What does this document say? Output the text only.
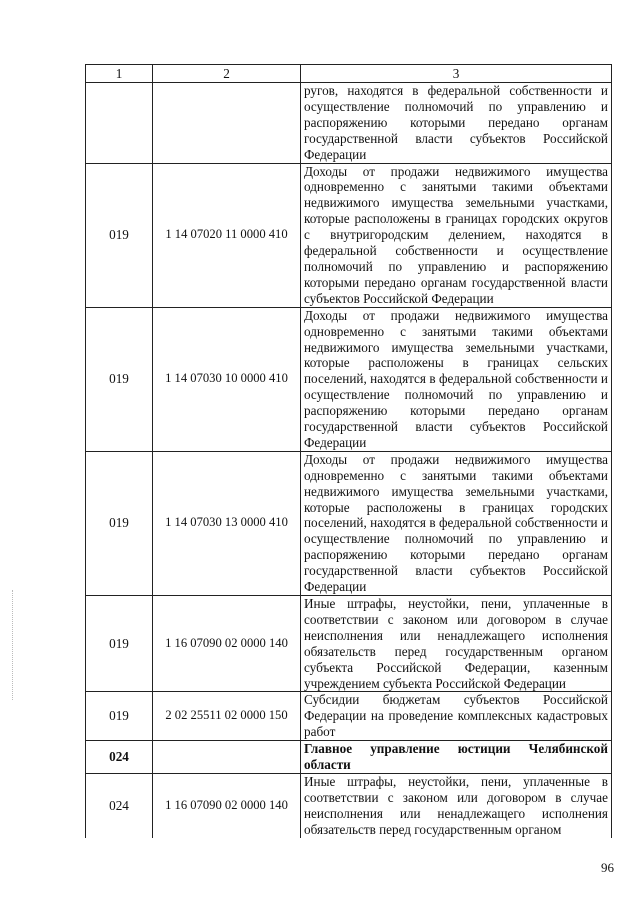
1	2	3
		ругов, находятся в федеральной собственности и осуществление полномочий по управлению и распоряжению которыми передано органам государственной власти субъектов Российской Федерации
019	1 14 07020 11 0000 410	Доходы от продажи недвижимого имущества одновременно с занятыми такими объектами недвижимого имущества земельными участками, которые расположены в границах городских округов с внутригородским делением, находятся в федеральной собственности и осуществление полномочий по управлению и распоряжению которыми передано органам государственной власти субъектов Российской Федерации
019	1 14 07030 10 0000 410	Доходы от продажи недвижимого имущества одновременно с занятыми такими объектами недвижимого имущества земельными участками, которые расположены в границах сельских поселений, находятся в федеральной собственности и осуществление полномочий по управлению и распоряжению которыми передано органам государственной власти субъектов Российской Федерации
019	1 14 07030 13 0000 410	Доходы от продажи недвижимого имущества одновременно с занятыми такими объектами недвижимого имущества земельными участками, которые расположены в границах городских поселений, находятся в федеральной собственности и осуществление полномочий по управлению и распоряжению которыми передано органам государственной власти субъектов Российской Федерации
019	1 16 07090 02 0000 140	Иные штрафы, неустойки, пени, уплаченные в соответствии с законом или договором в случае неисполнения или ненадлежащего исполнения обязательств перед государственным органом субъекта Российской Федерации, казенным учреждением субъекта Российской Федерации
019	2 02 25511 02 0000 150	Субсидии бюджетам субъектов Российской Федерации на проведение комплексных кадастровых работ
024		Главное управление юстиции Челябинской области
024	1 16 07090 02 0000 140	Иные штрафы, неустойки, пени, уплаченные в соответствии с законом или договором в случае неисполнения или ненадлежащего исполнения обязательств перед государственным органом
96
